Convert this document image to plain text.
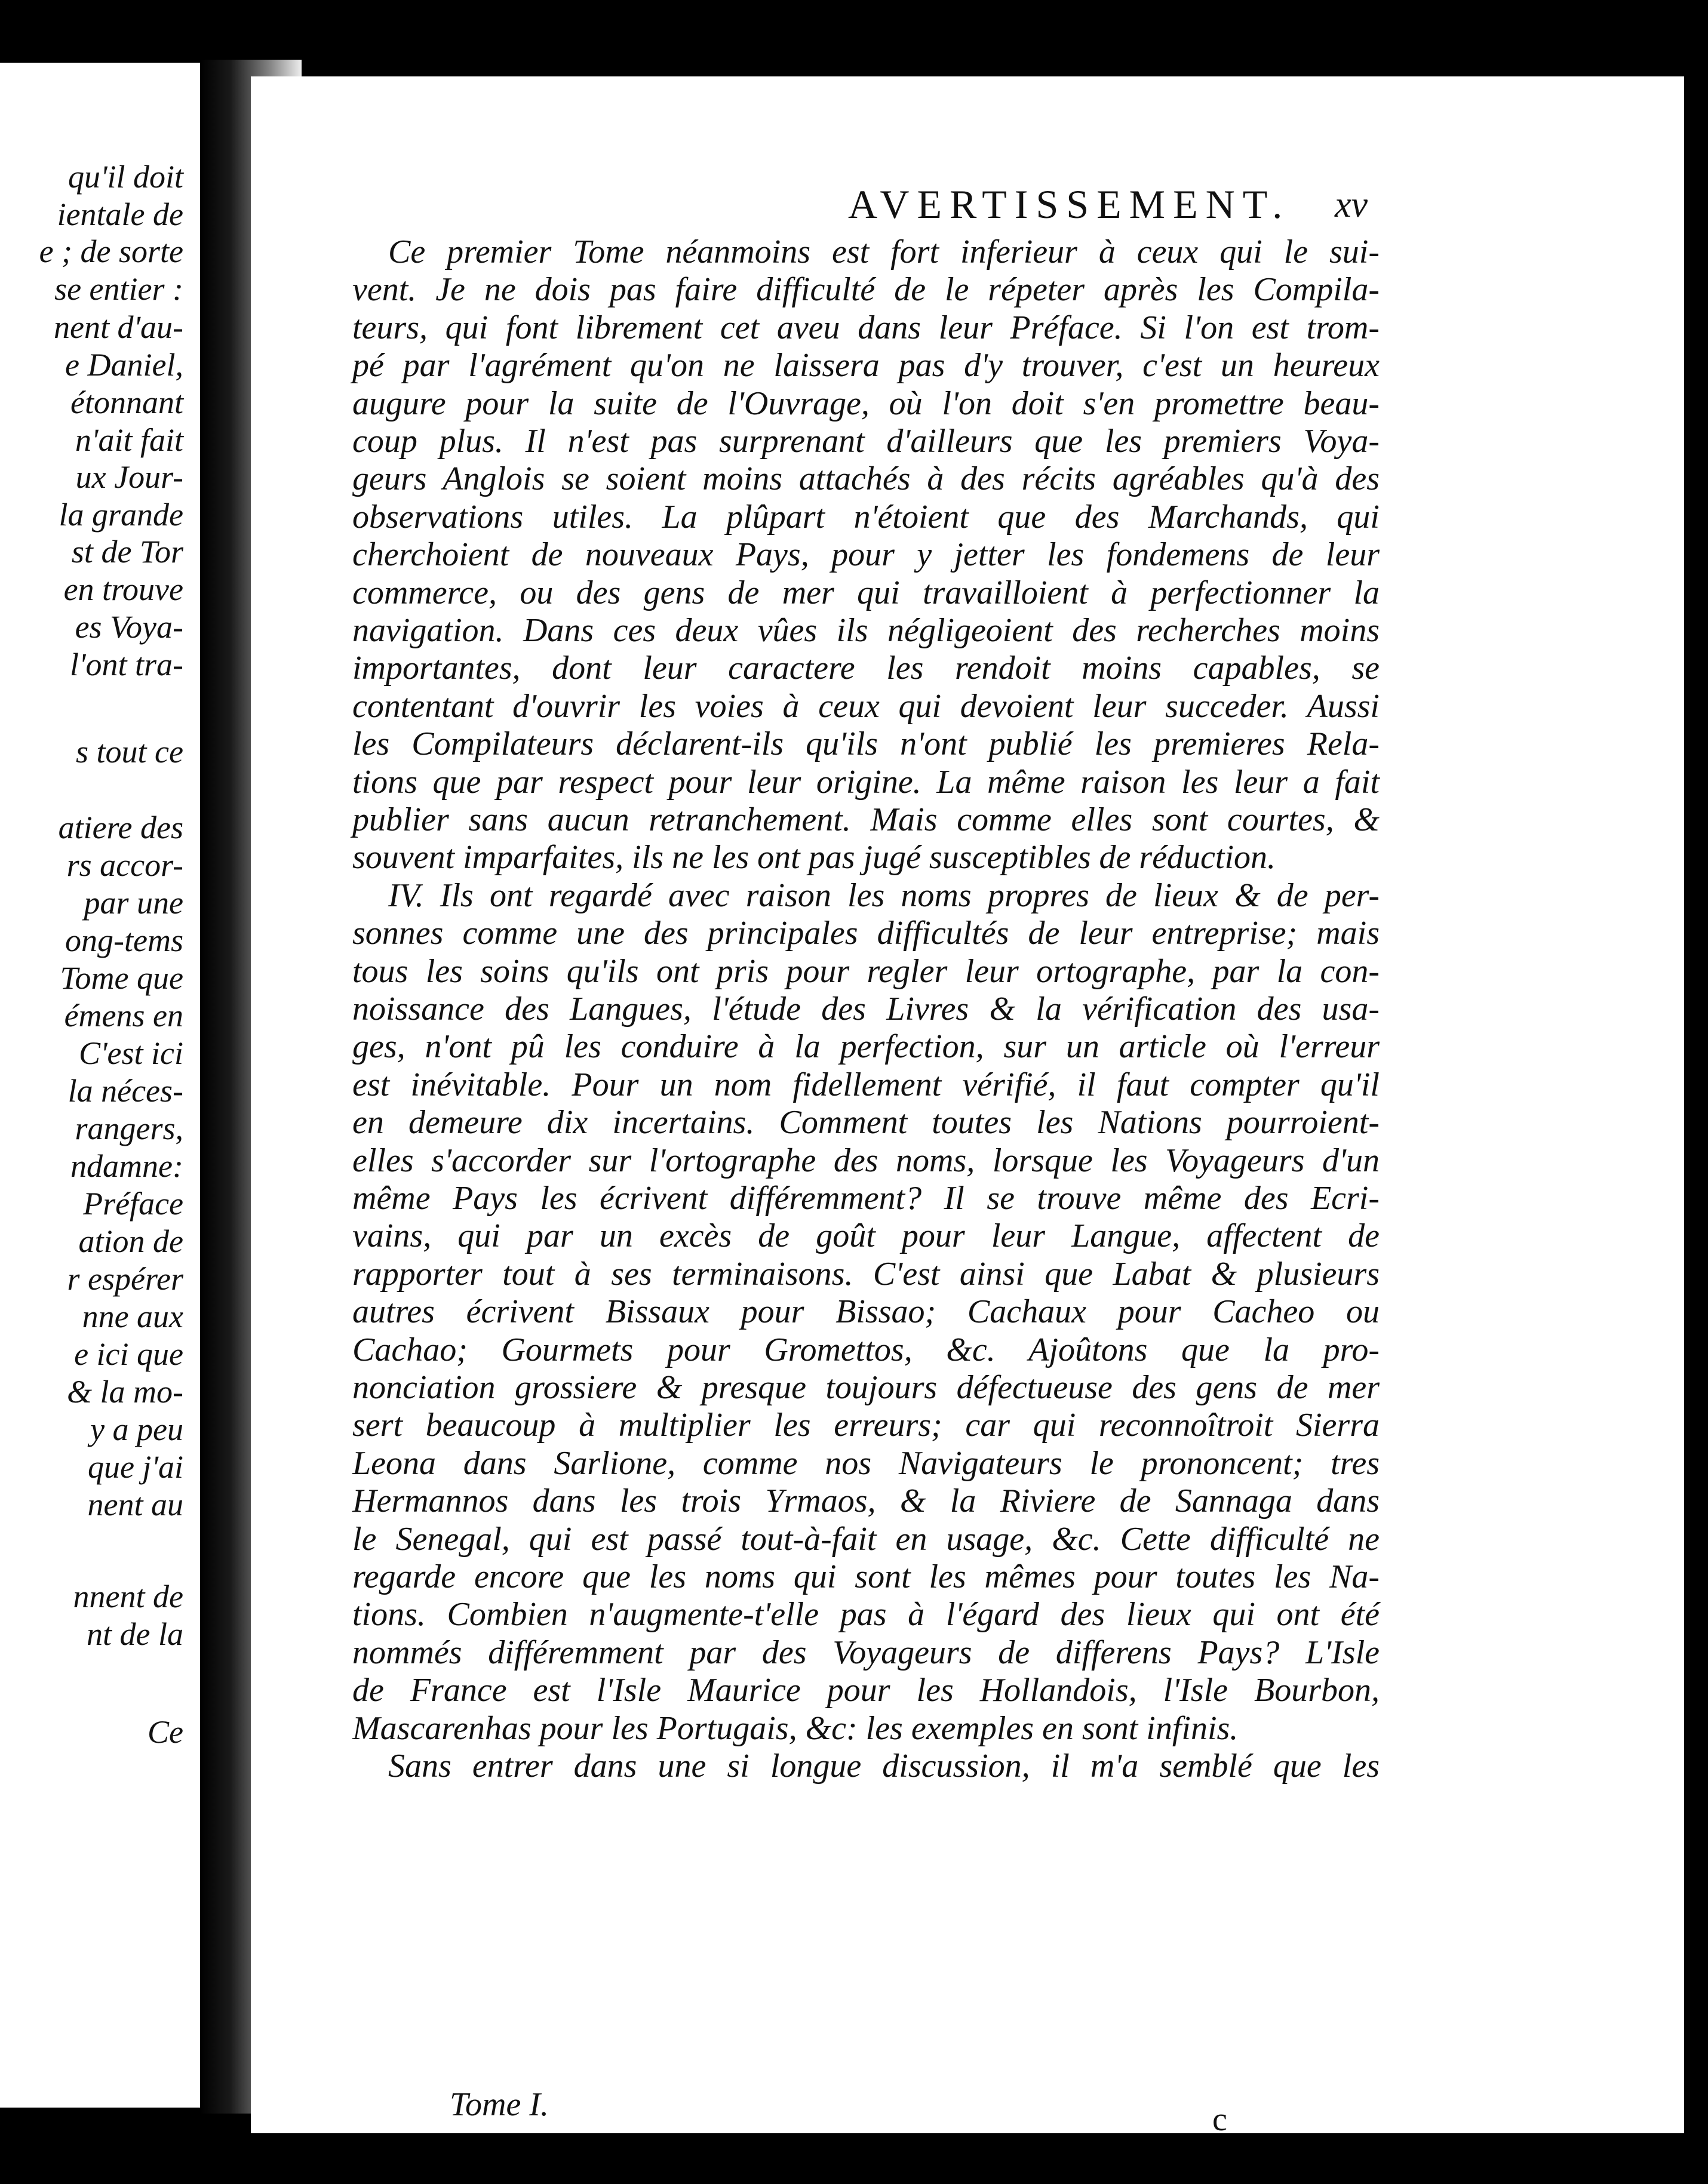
qu'il doit
ientale de
e ; de sorte
se entier :
nent d'au-
e Daniel,
étonnant
n'ait fait
ux Jour-
la grande
st de Tor
en trouve
es Voya-
l'ont tra-
s tout ce
atiere des
rs accor-
par une
ong-tems
Tome que
émens en
C'est ici
la néces-
rangers,
ndamne:
Préface
ation de
r espérer
nne aux
e ici que
& la mo-
y a peu
que j'ai
nent au
nnent de
nt de la
Ce
AVERTISSEMENT. xv
Ce premier Tome néanmoins est fort inferieur à ceux qui le sui-
vent. Je ne dois pas faire difficulté de le répeter après les Compila-
teurs, qui font librement cet aveu dans leur Préface. Si l'on est trom-
pé par l'agrément qu'on ne laissera pas d'y trouver, c'est un heureux
augure pour la suite de l'Ouvrage, où l'on doit s'en promettre beau-
coup plus. Il n'est pas surprenant d'ailleurs que les premiers Voya-
geurs Anglois se soient moins attachés à des récits agréables qu'à des
observations utiles. La plûpart n'étoient que des Marchands, qui
cherchoient de nouveaux Pays, pour y jetter les fondemens de leur
commerce, ou des gens de mer qui travailloient à perfectionner la
navigation. Dans ces deux vûes ils négligeoient des recherches moins
importantes, dont leur caractere les rendoit moins capables, se
contentant d'ouvrir les voies à ceux qui devoient leur succeder. Aussi
les Compilateurs déclarent-ils qu'ils n'ont publié les premieres Rela-
tions que par respect pour leur origine. La même raison les leur a fait
publier sans aucun retranchement. Mais comme elles sont courtes, &
souvent imparfaites, ils ne les ont pas jugé susceptibles de réduction.
IV. Ils ont regardé avec raison les noms propres de lieux & de per-
sonnes comme une des principales difficultés de leur entreprise; mais
tous les soins qu'ils ont pris pour regler leur ortographe, par la con-
noissance des Langues, l'étude des Livres & la vérification des usa-
ges, n'ont pû les conduire à la perfection, sur un article où l'erreur
est inévitable. Pour un nom fidellement vérifié, il faut compter qu'il
en demeure dix incertains. Comment toutes les Nations pourroient-
elles s'accorder sur l'ortographe des noms, lorsque les Voyageurs d'un
même Pays les écrivent différemment? Il se trouve même des Ecri-
vains, qui par un excès de goût pour leur Langue, affectent de
rapporter tout à ses terminaisons. C'est ainsi que Labat & plusieurs
autres écrivent Bissaux pour Bissao; Cachaux pour Cacheo ou
Cachao; Gourmets pour Gromettos, &c. Ajoûtons que la pro-
nonciation grossiere & presque toujours défectueuse des gens de mer
sert beaucoup à multiplier les erreurs; car qui reconnoîtroit Sierra
Leona dans Sarlione, comme nos Navigateurs le prononcent; tres
Hermannos dans les trois Yrmaos, & la Riviere de Sannaga dans
le Senegal, qui est passé tout-à-fait en usage, &c. Cette difficulté ne
regarde encore que les noms qui sont les mêmes pour toutes les Na-
tions. Combien n'augmente-t'elle pas à l'égard des lieux qui ont été
nommés différemment par des Voyageurs de differens Pays? L'Isle
de France est l'Isle Maurice pour les Hollandois, l'Isle Bourbon,
Mascarenhas pour les Portugais, &c: les exemples en sont infinis.
Sans entrer dans une si longue discussion, il m'a semblé que les
Tome I.	c
